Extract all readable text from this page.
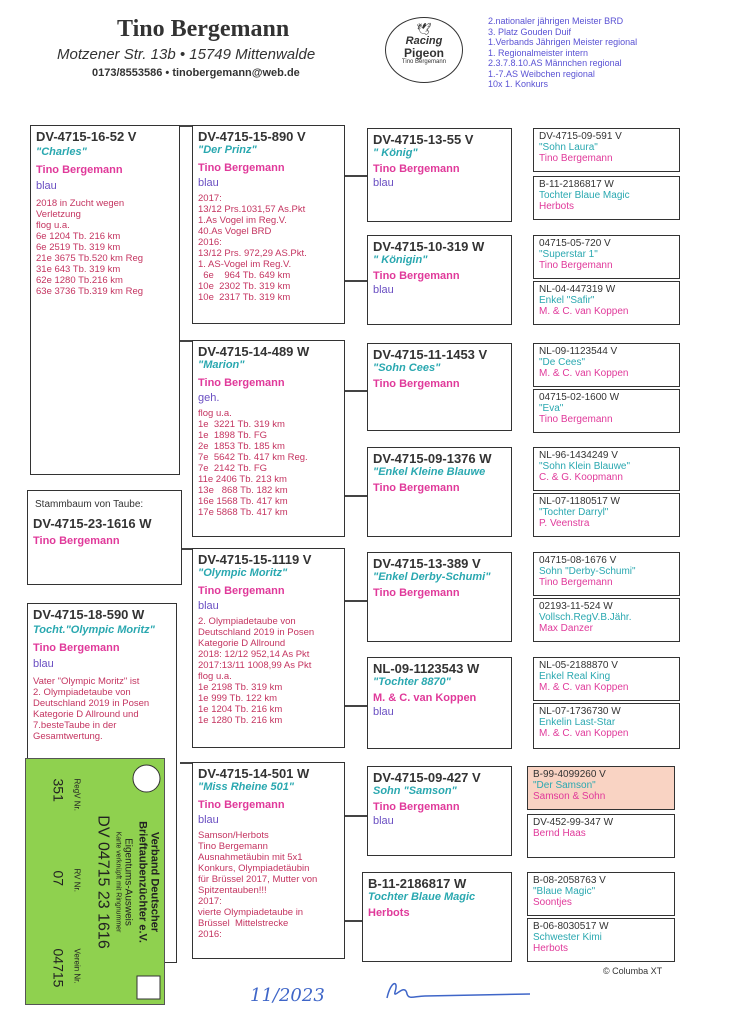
Tino Bergemann
Motzener Str. 13b • 15749 Mittenwalde
0173/8553586 • tinobergemann@web.de
🕊
Racing
Pigeon
Tino Bergemann
2.nationaler jährigen Meister BRD
3. Platz Gouden Duif
1.Verbands Jährigen Meister regional
1. Regionalmeister intern
2.3.7.8.10.AS Männchen regional
1.-7.AS Weibchen regional
10x 1. Konkurs
DV-4715-16-52 V
"Charles"
Tino Bergemann
blau
2018 in Zucht wegen
Verletzung
flog u.a.
6e 1204 Tb. 216 km
6e 2519 Tb. 319 km
21e 3675 Tb.520 km Reg
31e 643 Tb. 319 km
62e 1280 Tb.216 km
63e 3736 Tb.319 km Reg
Stammbaum von Taube:
DV-4715-23-1616 W
Tino Bergemann
DV-4715-18-590 W
Tocht."Olympic Moritz"
Tino Bergemann
blau
Vater "Olympic Moritz" ist
2. Olympiadetaube von
Deutschland 2019 in Posen
Kategorie D Allround und
7.besteTaube in der
Gesamtwertung.
Verband Deutscher
Brieftaubenzüchter e.V.
Eigentums-Ausweis
Karte verknüpft mit Ringnummer
DV 04715 23 1616
RegV Nr.
RV Nr.
Verein Nr.
351
07
04715
DV-4715-15-890 V
"Der Prinz"
Tino Bergemann
blau
2017:
13/12 Prs.1031,57 As.Pkt
1.As Vogel im Reg.V.
40.As Vogel BRD
2016:
13/12 Prs. 972,29 AS.Pkt.
1. AS-Vogel im Reg.V.
6e    964 Tb. 649 km
10e  2302 Tb. 319 km
10e  2317 Tb. 319 km
DV-4715-14-489 W
"Marion"
Tino Bergemann
geh.
flog u.a.
1e  3221 Tb. 319 km
1e  1898 Tb. FG
2e  1853 Tb. 185 km
7e  5642 Tb. 417 km Reg.
7e  2142 Tb. FG
11e 2406 Tb. 213 km
13e   868 Tb. 182 km
16e 1568 Tb. 417 km
17e 5868 Tb. 417 km
DV-4715-15-1119 V
"Olympic Moritz"
Tino Bergemann
blau
2. Olympiadetaube von
Deutschland 2019 in Posen
Kategorie D Allround
2018: 12/12 952,14 As Pkt
2017:13/11 1008,99 As Pkt
flog u.a.
1e 2198 Tb. 319 km
1e 999 Tb. 122 km
1e 1204 Tb. 216 km
1e 1280 Tb. 216 km
DV-4715-14-501 W
"Miss Rheine 501"
Tino Bergemann
blau
Samson/Herbots
Tino Bergemann
Ausnahmetäubin mit 5x1
Konkurs, Olympiadetäubin
für Brüssel 2017, Mutter von
Spitzentauben!!!
2017:
vierte Olympiadetaube in
Brüssel  Mittelstrecke
2016:
DV-4715-13-55 V
" König"
Tino Bergemann
blau
DV-4715-10-319 W
" Königin"
Tino Bergemann
blau
DV-4715-11-1453 V
"Sohn Cees"
Tino Bergemann
DV-4715-09-1376 W
"Enkel Kleine Blauwe
Tino Bergemann
DV-4715-13-389 V
"Enkel Derby-Schumi"
Tino Bergemann
NL-09-1123543 W
"Tochter 8870"
M. & C. van Koppen
blau
DV-4715-09-427 V
Sohn "Samson"
Tino Bergemann
blau
B-11-2186817 W
Tochter Blaue Magic
Herbots
DV-4715-09-591 V
"Sohn Laura"
Tino Bergemann
B-11-2186817 W
Tochter Blaue Magic
Herbots
04715-05-720 V
"Superstar 1"
Tino Bergemann
NL-04-447319 W
Enkel "Safir"
M. & C. van Koppen
NL-09-1123544 V
"De Cees"
M. & C. van Koppen
04715-02-1600 W
"Eva"
Tino Bergemann
NL-96-1434249 V
"Sohn Klein Blauwe"
C. & G. Koopmann
NL-07-1180517 W
"Tochter Darryl"
P. Veenstra
04715-08-1676 V
Sohn "Derby-Schumi"
Tino Bergemann
02193-11-524 W
Vollsch.RegV.B.Jähr.
Max Danzer
NL-05-2188870 V
Enkel Real King
M. & C. van Koppen
NL-07-1736730 W
Enkelin Last-Star
M. & C. van Koppen
B-99-4099260 V
"Der Samson"
Samson & Sohn
DV-452-99-347 W
Bernd Haas
B-08-2058763 V
"Blaue Magic"
Soontjes
B-06-8030517 W
Schwester Kimi
Herbots
© Columba XT
11/2023
